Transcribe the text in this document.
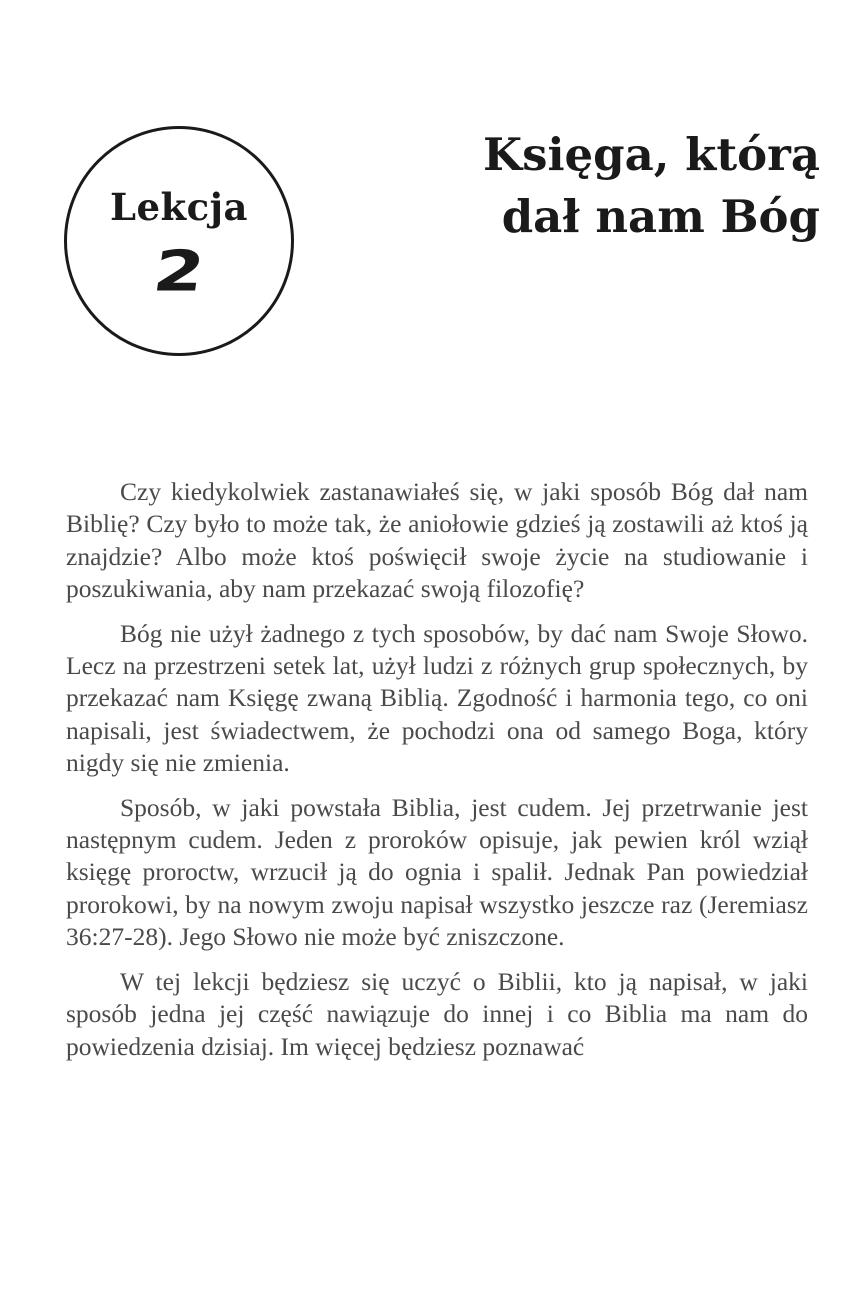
Lekcja
2
Księga, którą
dał nam Bóg

Czy kiedykolwiek zastanawiałeś się, w jaki sposób Bóg dał nam Biblię? Czy było to może tak, że aniołowie gdzieś ją zostawili aż ktoś ją znajdzie? Albo może ktoś poświęcił swoje życie na studiowanie i poszukiwania, aby nam przekazać swoją filozofię?

Bóg nie użył żadnego z tych sposobów, by dać nam Swoje Słowo. Lecz na przestrzeni setek lat, użył ludzi z różnych grup społecznych, by przekazać nam Księgę zwaną Biblią. Zgodność i harmonia tego, co oni napisali, jest świadectwem, że pochodzi ona od samego Boga, który nigdy się nie zmienia.

Sposób, w jaki powstała Biblia, jest cudem. Jej przetrwanie jest następnym cudem. Jeden z proroków opisuje, jak pewien król wziął księgę proroctw, wrzucił ją do ognia i spalił. Jednak Pan powiedział prorokowi, by na nowym zwoju napisał wszystko jeszcze raz (Jeremiasz 36:27-28). Jego Słowo nie może być zniszczone.

W tej lekcji będziesz się uczyć o Biblii, kto ją napisał, w jaki sposób jedna jej część nawiązuje do innej i co Biblia ma nam do powiedzenia dzisiaj. Im więcej będziesz poznawać
